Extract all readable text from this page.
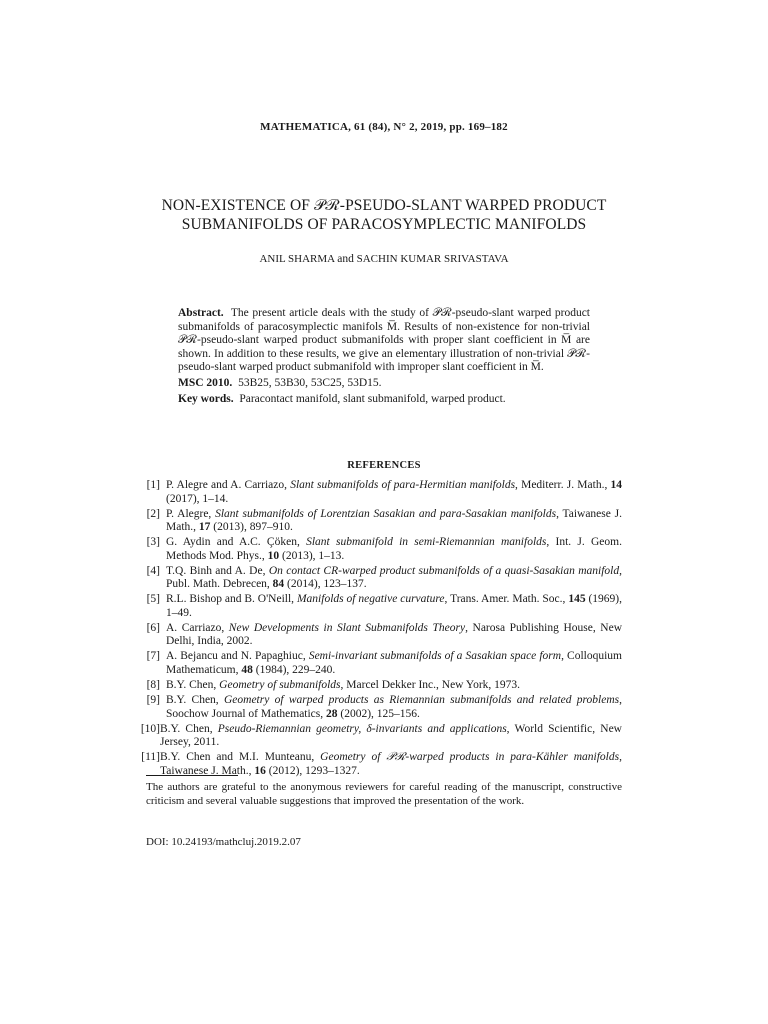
MATHEMATICA, 61 (84), N° 2, 2019, pp. 169–182
NON-EXISTENCE OF 𝒫ℛ-PSEUDO-SLANT WARPED PRODUCT SUBMANIFOLDS OF PARACOSYMPLECTIC MANIFOLDS
ANIL SHARMA and SACHIN KUMAR SRIVASTAVA

Abstract. The present article deals with the study of 𝒫ℛ-pseudo-slant warped product submanifolds of paracosymplectic manifols M̅. Results of non-existence for non-trivial 𝒫ℛ-pseudo-slant warped product submanifolds with proper slant coefficient in M̅ are shown. In addition to these results, we give an elementary illustration of non-trivial 𝒫ℛ-pseudo-slant warped product submanifold with improper slant coefficient in M̅.

MSC 2010. 53B25, 53B30, 53C25, 53D15.

Key words. Paracontact manifold, slant submanifold, warped product.

REFERENCES
[1] P. Alegre and A. Carriazo, Slant submanifolds of para-Hermitian manifolds, Mediterr. J. Math., 14 (2017), 1–14.
[2] P. Alegre, Slant submanifolds of Lorentzian Sasakian and para-Sasakian manifolds, Taiwanese J. Math., 17 (2013), 897–910.
[3] G. Aydin and A.C. Çöken, Slant submanifold in semi-Riemannian manifolds, Int. J. Geom. Methods Mod. Phys., 10 (2013), 1–13.
[4] T.Q. Binh and A. De, On contact CR-warped product submanifolds of a quasi-Sasakian manifold, Publ. Math. Debrecen, 84 (2014), 123–137.
[5] R.L. Bishop and B. O'Neill, Manifolds of negative curvature, Trans. Amer. Math. Soc., 145 (1969), 1–49.
[6] A. Carriazo, New Developments in Slant Submanifolds Theory, Narosa Publishing House, New Delhi, India, 2002.
[7] A. Bejancu and N. Papaghiuc, Semi-invariant submanifolds of a Sasakian space form, Colloquium Mathematicum, 48 (1984), 229–240.
[8] B.Y. Chen, Geometry of submanifolds, Marcel Dekker Inc., New York, 1973.
[9] B.Y. Chen, Geometry of warped products as Riemannian submanifolds and related problems, Soochow Journal of Mathematics, 28 (2002), 125–156.
[10] B.Y. Chen, Pseudo-Riemannian geometry, δ-invariants and applications, World Scientific, New Jersey, 2011.
[11] B.Y. Chen and M.I. Munteanu, Geometry of 𝒫ℛ-warped products in para-Kähler manifolds, Taiwanese J. Math., 16 (2012), 1293–1327.
The authors are grateful to the anonymous reviewers for careful reading of the manuscript, constructive criticism and several valuable suggestions that improved the presentation of the work.
DOI: 10.24193/mathcluj.2019.2.07
